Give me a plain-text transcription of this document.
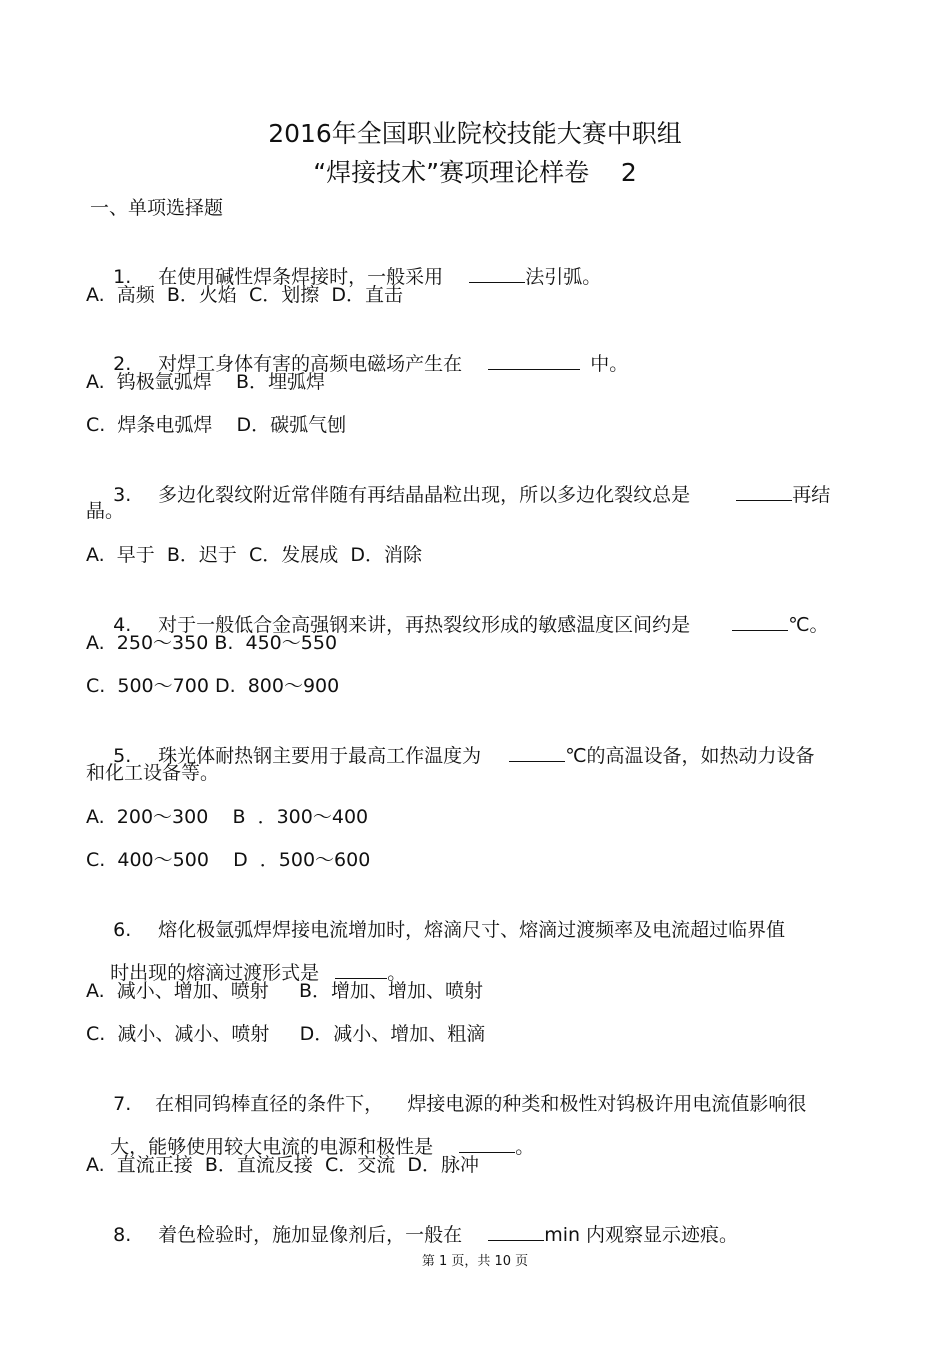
2016年全国职业院校技能大赛中职组
“焊接技术”赛项理论样卷    2
一、单项选择题

1. 在使用碱性焊条焊接时，一般采用	法引弧。

A.  高频  B．火焰  C．划擦  D．直击

2. 对焊工身体有害的高频电磁场产生在	中。

A.  钨极氩弧焊    B．埋弧焊
C.  焊条电弧焊    D．碳弧气刨

3. 多边化裂纹附近常伴随有再结晶晶粒出现，所以多边化裂纹总是	再结

晶。
A.  早于  B．迟于  C．发展成  D．消除

4. 对于一般低合金高强钢来讲，再热裂纹形成的敏感温度区间约是	℃。

A.  250～350 B.  450～550
C.  500～700 D.  800～900

5. 珠光体耐热钢主要用于最高工作温度为	℃的高温设备，如热动力设备

和化工设备等。
A.  200～300    B  ．300～400
C.  400～500    D  ．500～600

6. 熔化极氩弧焊焊接电流增加时，熔滴尺寸、熔滴过渡频率及电流超过临界值

时出现的熔滴过渡形式是	。

A.  减小、增加、喷射     B．增加、增加、喷射
C.  减小、减小、喷射     D．减小、增加、粗滴

7. 在相同钨棒直径的条件下，    焊接电源的种类和极性对钨极许用电流值影响很

大，能够使用较大电流的电源和极性是	。

A.  直流正接  B．直流反接  C．交流  D．脉冲

8. 着色检验时，施加显像剂后，一般在	min 内观察显示迹痕。

第 1 页，共 10 页
